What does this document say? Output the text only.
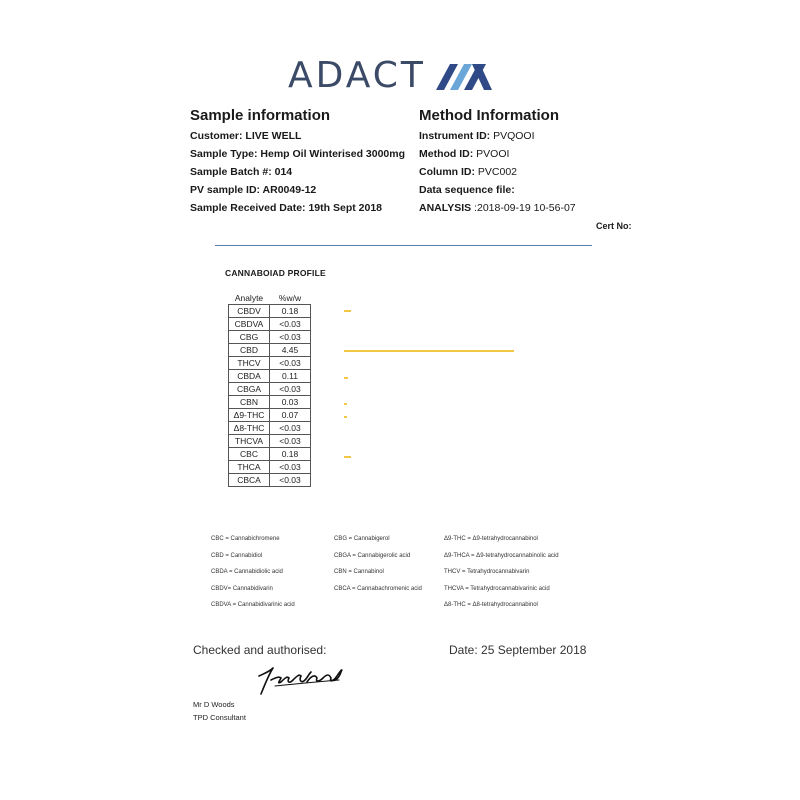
ADACT
Sample information
Customer: LIVE WELL
Sample Type: Hemp Oil Winterised 3000mg
Sample Batch #: 014
PV sample ID: AR0049-12
Sample Received Date: 19th Sept 2018
Method Information
Instrument ID: PVQOOI
Method ID: PVOOI
Column ID: PVC002
Data sequence file:
ANALYSIS :2018-09-19 10-56-07
Cert No:
CANNABOIAD PROFILE
Analyte	%w/w
CBDV	0.18
CBDVA	<0.03
CBG	<0.03
CBD	4.45
THCV	<0.03
CBDA	0.11
CBGA	<0.03
CBN	0.03
Δ9-THC	0.07
Δ8-THC	<0.03
THCVA	<0.03
CBC	0.18
THCA	<0.03
CBCA	<0.03
CBC = Cannabichromene
CBD = Cannabidiol
CBDA = Cannabidiolic acid
CBDV= Cannabidivarin
CBDVA = Cannabidivarinic acid
CBG = Cannabigerol
CBGA = Cannabigerolic acid
CBN = Cannabinol
CBCA = Cannabachromenic acid
Δ9-THC = Δ9-tetrahydrocannabinol
Δ9-THCA = Δ9-tetrahydrocannabinolic acid
THCV = Tetrahydrocannabivarin
THCVA = Tetrahydrocannabivarinic acid
Δ8-THC = Δ8-tetrahydrocannabinol
Checked and authorised:	Date: 25 September 2018
Mr D Woods
TPD Consultant
